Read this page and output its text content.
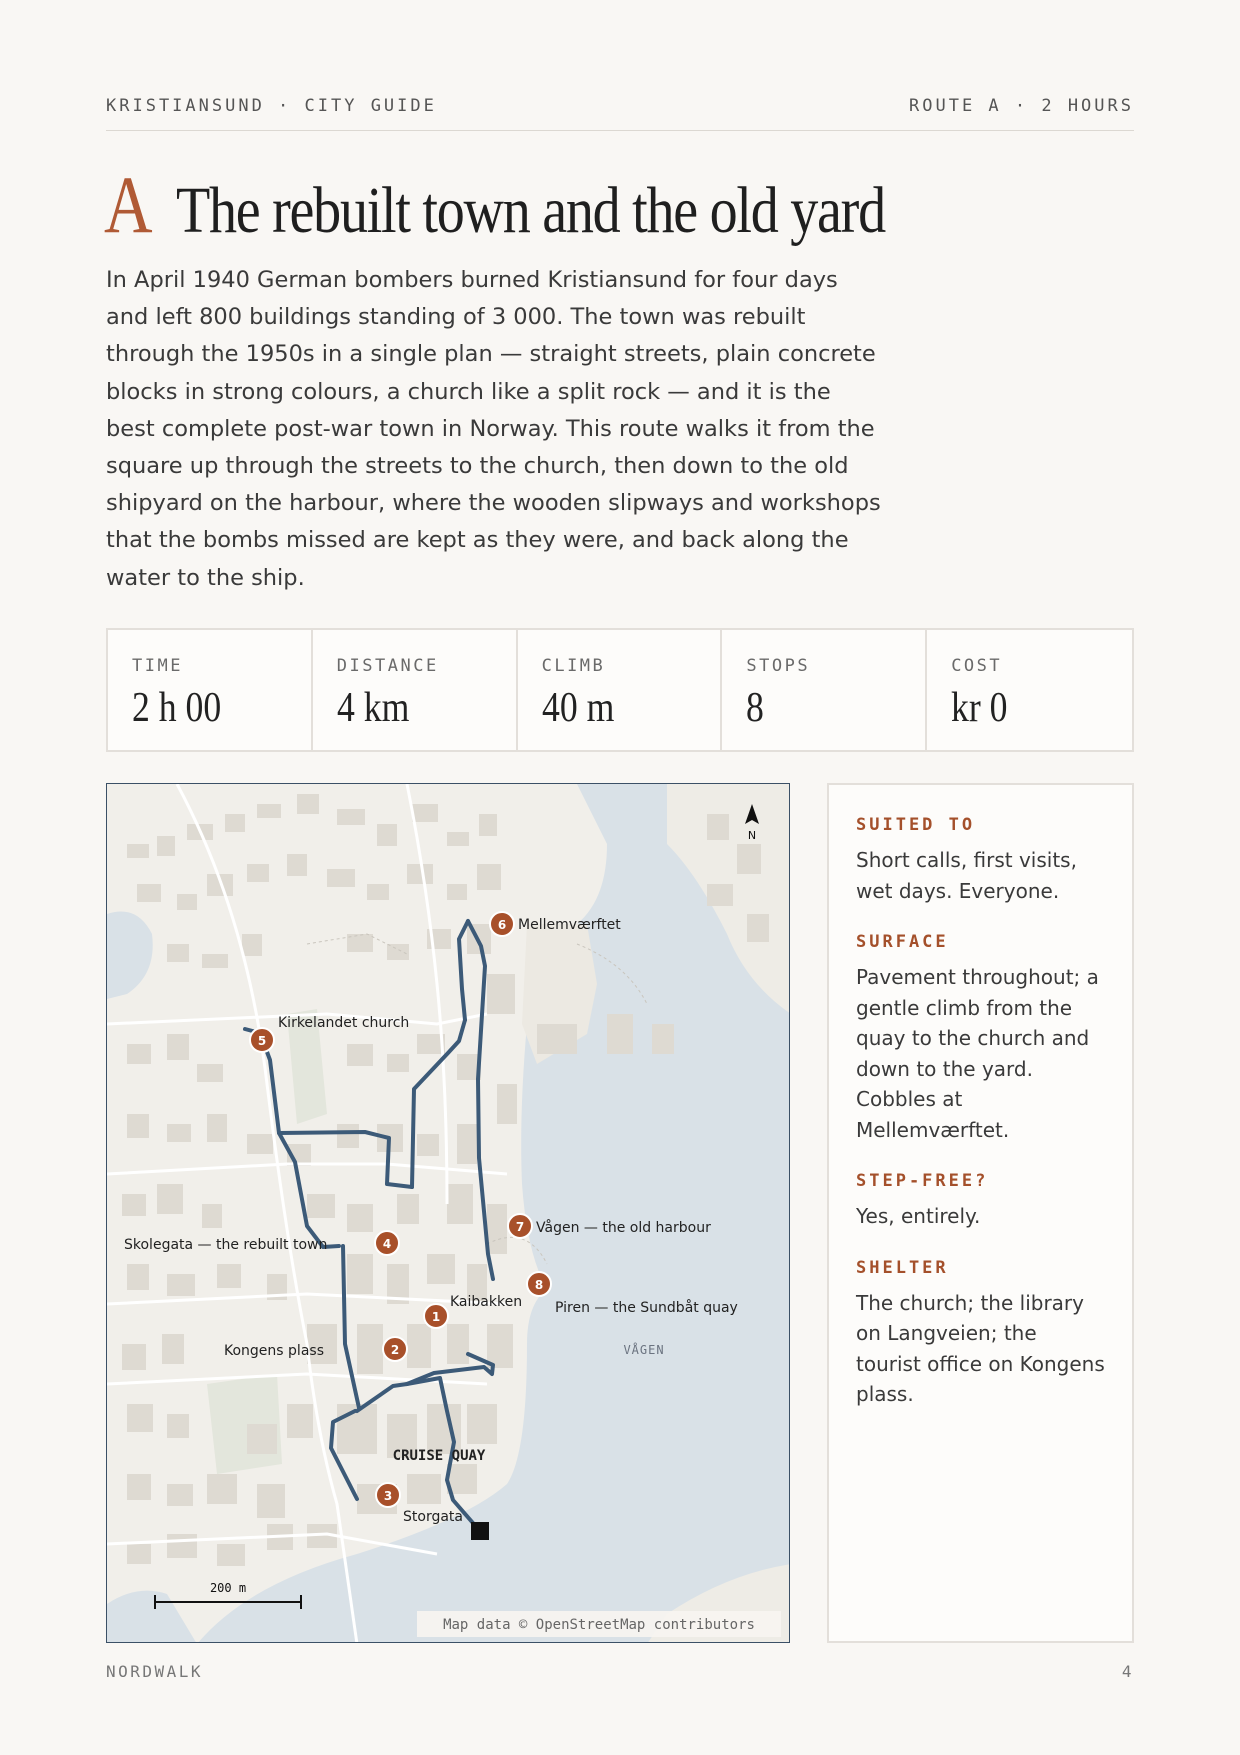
KRISTIANSUND · CITY GUIDE	ROUTE A · 2 HOURS
A The rebuilt town and the old yard
In April 1940 German bombers burned Kristiansund for four days and left 800 buildings standing of 3 000. The town was rebuilt through the 1950s in a single plan — straight streets, plain concrete blocks in strong colours, a church like a split rock — and it is the best complete post-war town in Norway. This route walks it from the square up through the streets to the church, then down to the old shipyard on the harbour, where the wooden slipways and workshops that the bombs missed are kept as they were, and back along the water to the ship.
TIME
2 h 00
DISTANCE
4 km
CLIMB
40 m
STOPS
8
COST
kr 0
N
200 m
VÅGEN
CRUISE QUAY
Map data © OpenStreetMap contributors
1
Kaibakken
2
Kongens plass
3
Storgata
4
Skolegata — the rebuilt town
5
Kirkelandet church
6 Mellemværftet
7 Vågen — the old harbour
8
Piren — the Sundbåt quay
SUITED TO

Short calls, first visits, wet days. Everyone.

SURFACE

Pavement throughout; a gentle climb from the quay to the church and down to the yard. Cobbles at Mellemværftet.

STEP-FREE?

Yes, entirely.

SHELTER

The church; the library on Langveien; the tourist office on Kongens plass.

NORDWALK	4
